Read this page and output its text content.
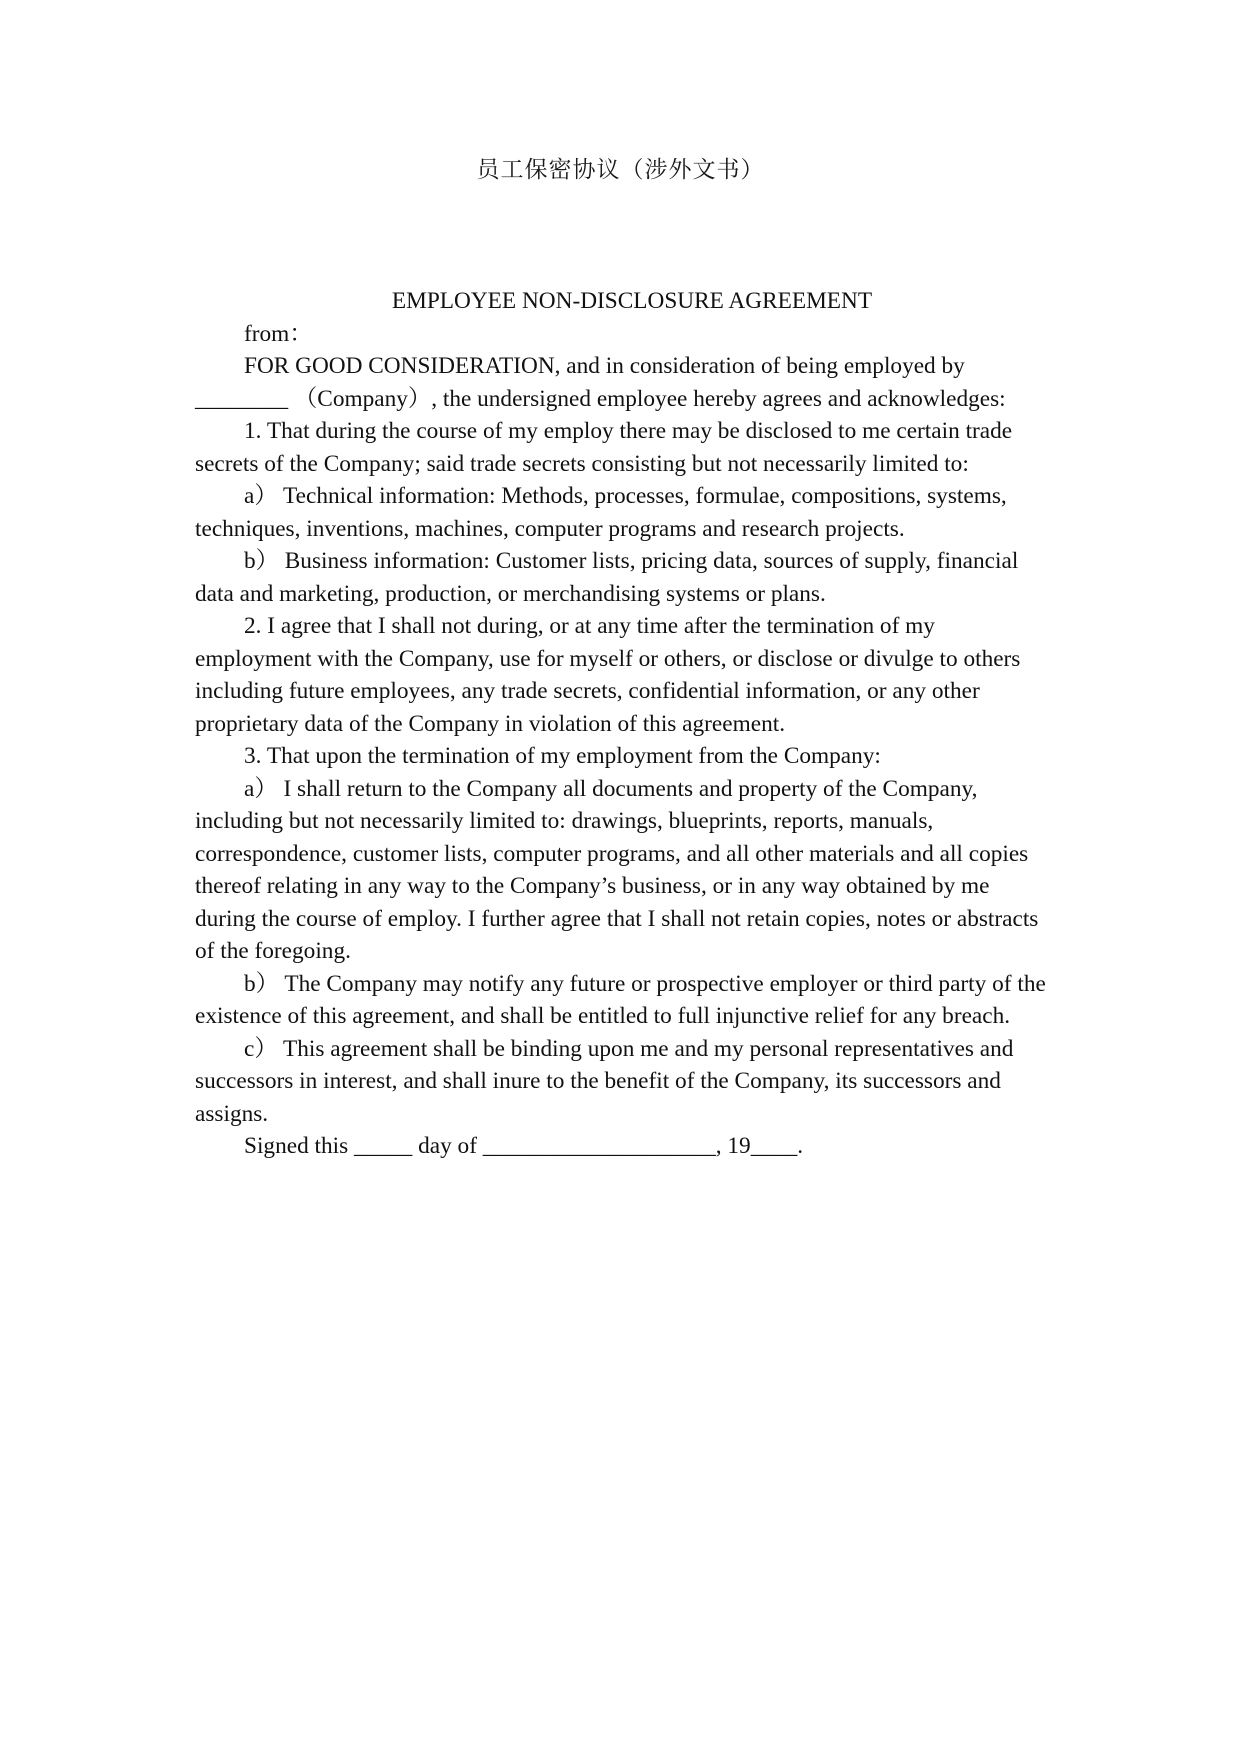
员工保密协议（涉外文书）
EMPLOYEE NON-DISCLOSURE AGREEMENT

from：

FOR GOOD CONSIDERATION, and in consideration of being employed by ________ （Company）, the undersigned employee hereby agrees and acknowledges:

1. That during the course of my employ there may be disclosed to me certain trade secrets of the Company; said trade secrets consisting but not necessarily limited to:

a） Technical information: Methods, processes, formulae, compositions, systems, techniques, inventions, machines, computer programs and research projects.

b） Business information: Customer lists, pricing data, sources of supply, financial data and marketing, production, or merchandising systems or plans.

2. I agree that I shall not during, or at any time after the termination of my employment with the Company, use for myself or others, or disclose or divulge to others including future employees, any trade secrets, confidential information, or any other proprietary data of the Company in violation of this agreement.

3. That upon the termination of my employment from the Company:

a） I shall return to the Company all documents and property of the Company, including but not necessarily limited to: drawings, blueprints, reports, manuals, correspondence, customer lists, computer programs, and all other materials and all copies thereof relating in any way to the Company’s business, or in any way obtained by me during the course of employ. I further agree that I shall not retain copies, notes or abstracts of the foregoing.

b） The Company may notify any future or prospective employer or third party of the existence of this agreement, and shall be entitled to full injunctive relief for any breach.

c） This agreement shall be binding upon me and my personal representatives and successors in interest, and shall inure to the benefit of the Company, its successors and assigns.

Signed this _____ day of ____________________, 19____.
